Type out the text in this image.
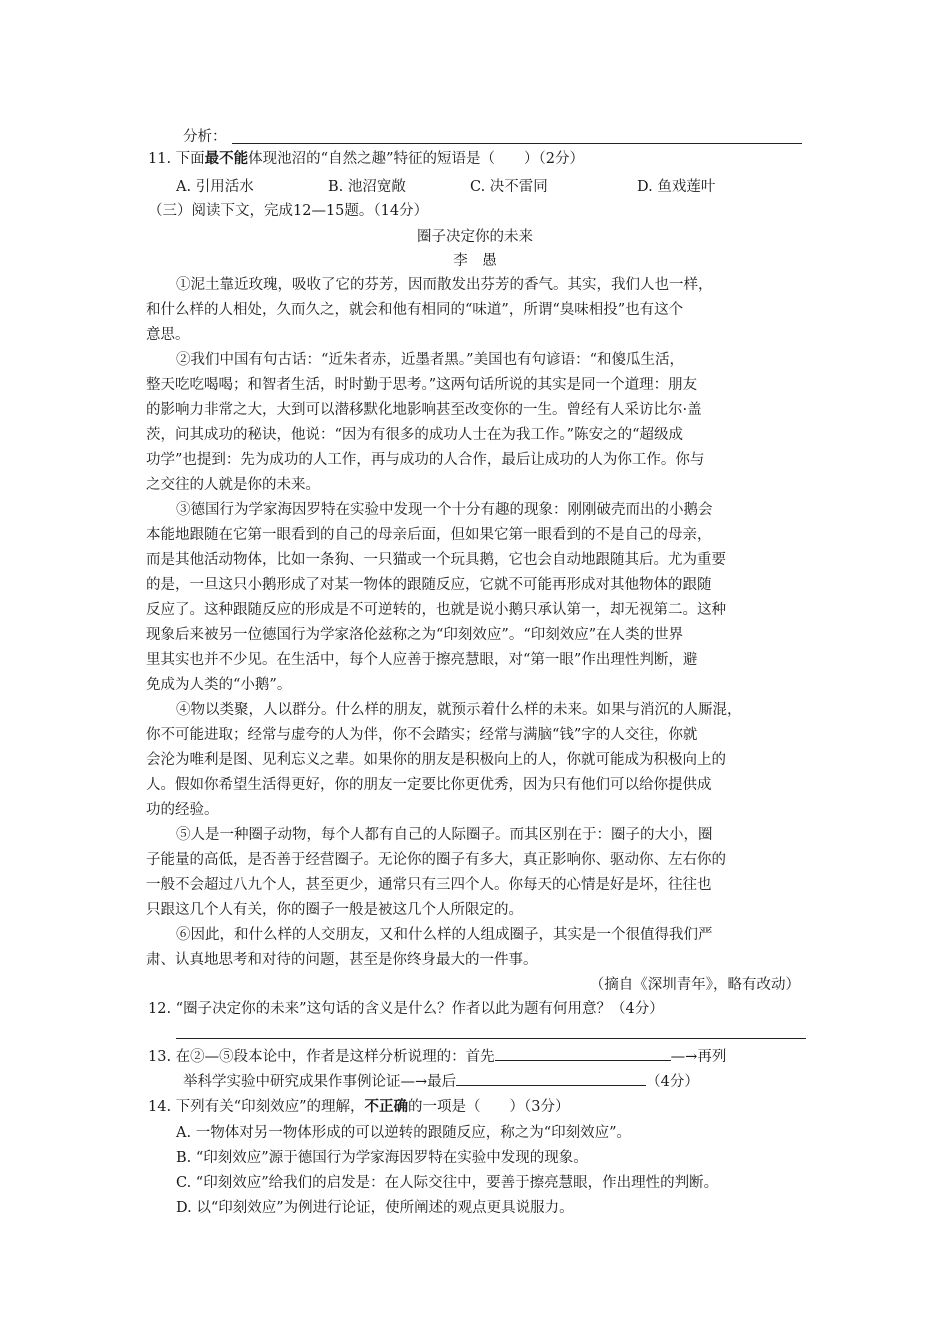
分析：
11. 下面最不能体现池沼的“自然之趣”特征的短语是（　　）（2分）
A. 引用活水	B. 池沼宽敞	C. 决不雷同	D. 鱼戏莲叶
（三）阅读下文，完成12—15题。（14分）
圈子决定你的未来
李　愚
①泥土靠近玫瑰，吸收了它的芬芳，因而散发出芬芳的香气。其实，我们人也一样，
和什么样的人相处，久而久之，就会和他有相同的“味道”，所谓“臭味相投”也有这个
意思。
②我们中国有句古话：“近朱者赤，近墨者黑。”美国也有句谚语：“和傻瓜生活，
整天吃吃喝喝；和智者生活，时时勤于思考。”这两句话所说的其实是同一个道理：朋友
的影响力非常之大，大到可以潜移默化地影响甚至改变你的一生。曾经有人采访比尔·盖
茨，问其成功的秘诀，他说：“因为有很多的成功人士在为我工作。”陈安之的“超级成
功学”也提到：先为成功的人工作，再与成功的人合作，最后让成功的人为你工作。你与
之交往的人就是你的未来。
③德国行为学家海因罗特在实验中发现一个十分有趣的现象：刚刚破壳而出的小鹅会
本能地跟随在它第一眼看到的自己的母亲后面，但如果它第一眼看到的不是自己的母亲，
而是其他活动物体，比如一条狗、一只猫或一个玩具鹅，它也会自动地跟随其后。尤为重要
的是，一旦这只小鹅形成了对某一物体的跟随反应，它就不可能再形成对其他物体的跟随
反应了。这种跟随反应的形成是不可逆转的，也就是说小鹅只承认第一，却无视第二。这种
现象后来被另一位德国行为学家洛伦兹称之为“印刻效应”。“印刻效应”在人类的世界
里其实也并不少见。在生活中，每个人应善于擦亮慧眼，对“第一眼”作出理性判断，避
免成为人类的“小鹅”。
④物以类聚，人以群分。什么样的朋友，就预示着什么样的未来。如果与消沉的人厮混，
你不可能进取；经常与虚夸的人为伴，你不会踏实；经常与满脑“钱”字的人交往，你就
会沦为唯利是图、见利忘义之辈。如果你的朋友是积极向上的人，你就可能成为积极向上的
人。假如你希望生活得更好，你的朋友一定要比你更优秀，因为只有他们可以给你提供成
功的经验。
⑤人是一种圈子动物，每个人都有自己的人际圈子。而其区别在于：圈子的大小，圈
子能量的高低，是否善于经营圈子。无论你的圈子有多大，真正影响你、驱动你、左右你的
一般不会超过八九个人，甚至更少，通常只有三四个人。你每天的心情是好是坏，往往也
只跟这几个人有关，你的圈子一般是被这几个人所限定的。
⑥因此，和什么样的人交朋友，又和什么样的人组成圈子，其实是一个很值得我们严
肃、认真地思考和对待的问题，甚至是你终身最大的一件事。
（摘自《深圳青年》，略有改动）
12. “圈子决定你的未来”这句话的含义是什么？作者以此为题有何用意？（4分）
13. 在②—⑤段本论中，作者是这样分析说理的：首先	—→再列
举科学实验中研究成果作事例论证—→最后	（4分）
14. 下列有关“印刻效应”的理解，不正确的一项是（　　）（3分）
A. 一物体对另一物体形成的可以逆转的跟随反应，称之为“印刻效应”。
B. “印刻效应”源于德国行为学家海因罗特在实验中发现的现象。
C. “印刻效应”给我们的启发是：在人际交往中，要善于擦亮慧眼，作出理性的判断。
D. 以“印刻效应”为例进行论证，使所阐述的观点更具说服力。
